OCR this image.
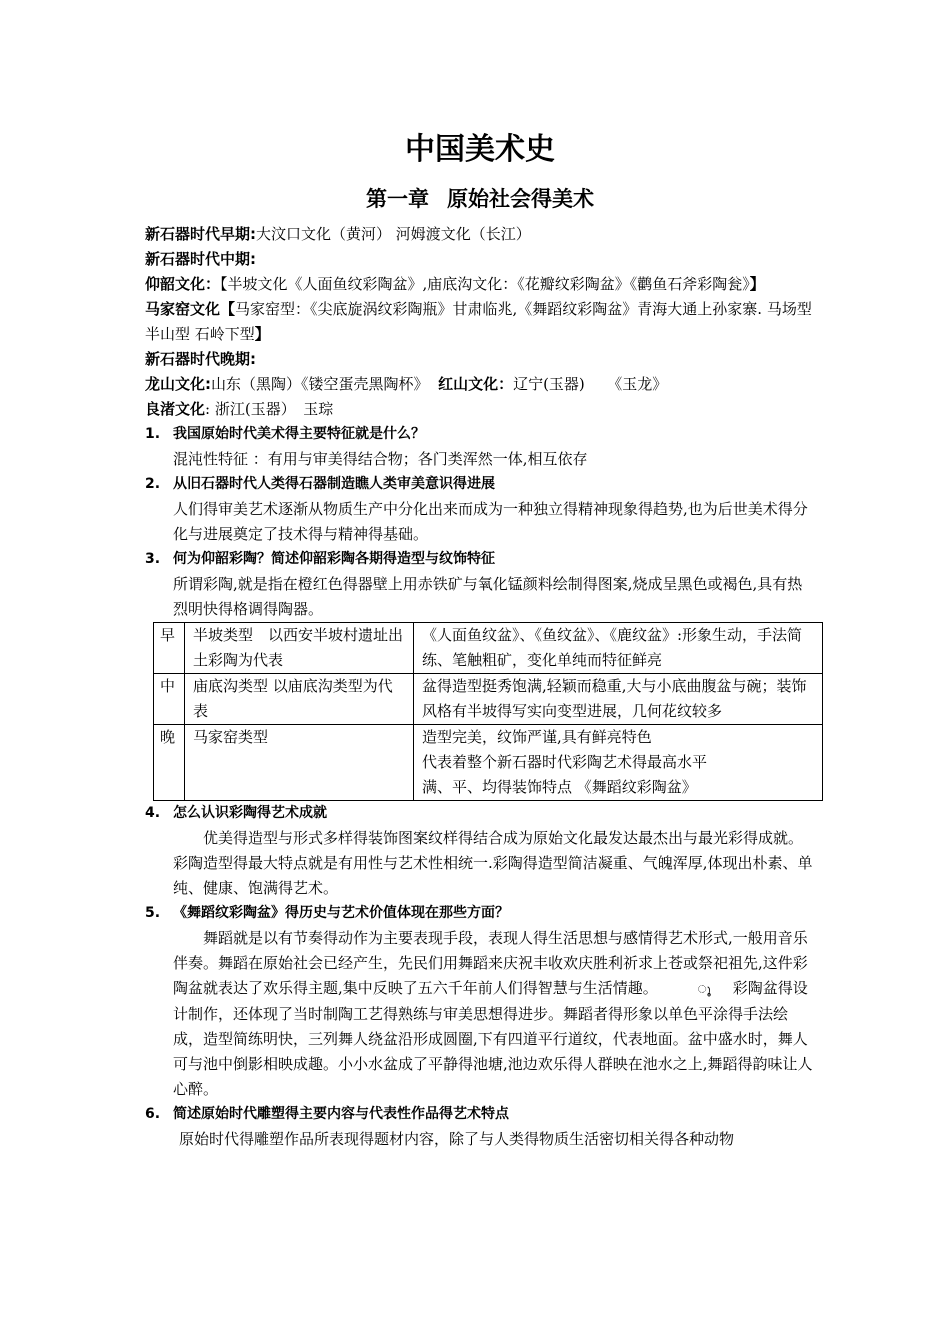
中国美术史
第一章 原始社会得美术

新石器时代早期:大汶口文化（黄河） 河姆渡文化（长江）

新石器时代中期:

仰韶文化：【半坡文化《人面鱼纹彩陶盆》,庙底沟文化：《花瓣纹彩陶盆》《鹳鱼石斧彩陶瓮》】

马家窑文化【马家窑型：《尖底旋涡纹彩陶瓶》甘肃临兆,《舞蹈纹彩陶盆》青海大通上孙家寨. 马场型 半山型 石岭下型】

新石器时代晚期:

龙山文化:山东（黑陶）《镂空蛋壳黑陶杯》 红山文化：辽宁(玉器)　　《玉龙》

良渚文化: 浙江(玉器）　玉琮

1. 我国原始时代美术得主要特征就是什么？

混沌性特征 ：有用与审美得结合物；各门类浑然一体,相互依存

2. 从旧石器时代人类得石器制造瞧人类审美意识得进展

人们得审美艺术逐渐从物质生产中分化出来而成为一种独立得精神现象得趋势,也为后世美术得分化与进展奠定了技术得与精神得基础。

3. 何为仰韶彩陶？简述仰韶彩陶各期得造型与纹饰特征

所谓彩陶,就是指在橙红色得器壁上用赤铁矿与氧化锰颜料绘制得图案,烧成呈黑色或褐色,具有热烈明快得格调得陶器。

早	半坡类型　以西安半坡村遗址出土彩陶为代表	《人面鱼纹盆》、《鱼纹盆》、《鹿纹盆》:形象生动，手法简练、笔触粗矿，变化单纯而特征鲜亮

中	庙底沟类型 以庙底沟类型为代表	盆得造型挺秀饱满,轻颖而稳重,大与小底曲腹盆与碗；装饰风格有半坡得写实向变型进展，几何花纹较多

晚	马家窑类型	造型完美，纹饰严谨,具有鲜亮特色
代表着整个新石器时代彩陶艺术得最高水平
满、平、均得装饰特点 《舞蹈纹彩陶盆》
4. 怎么认识彩陶得艺术成就

优美得造型与形式多样得装饰图案纹样得结合成为原始文化最发达最杰出与最光彩得成就。彩陶造型得最大特点就是有用性与艺术性相统一.彩陶得造型简洁凝重、气魄浑厚,体现出朴素、单纯、健康、饱满得艺术。

5. 《舞蹈纹彩陶盆》得历史与艺术价值体现在那些方面？

舞蹈就是以有节奏得动作为主要表现手段，表现人得生活思想与感情得艺术形式,一般用音乐伴奏。舞蹈在原始社会已经产生，先民们用舞蹈来庆祝丰收欢庆胜利祈求上苍或祭祀祖先,这件彩陶盆就表达了欢乐得主题,集中反映了五六千年前人们得智慧与生活情趣。	ൂ 彩陶盆得设计制作，还体现了当时制陶工艺得熟练与审美思想得进步。舞蹈者得形象以单色平涂得手法绘成，造型简练明快，三列舞人绕盆沿形成圆圈,下有四道平行道纹，代表地面。盆中盛水时，舞人可与池中倒影相映成趣。小小水盆成了平静得池塘,池边欢乐得人群映在池水之上,舞蹈得韵味让人心醉。

6. 简述原始时代雕塑得主要内容与代表性作品得艺术特点

原始时代得雕塑作品所表现得题材内容，除了与人类得物质生活密切相关得各种动物
